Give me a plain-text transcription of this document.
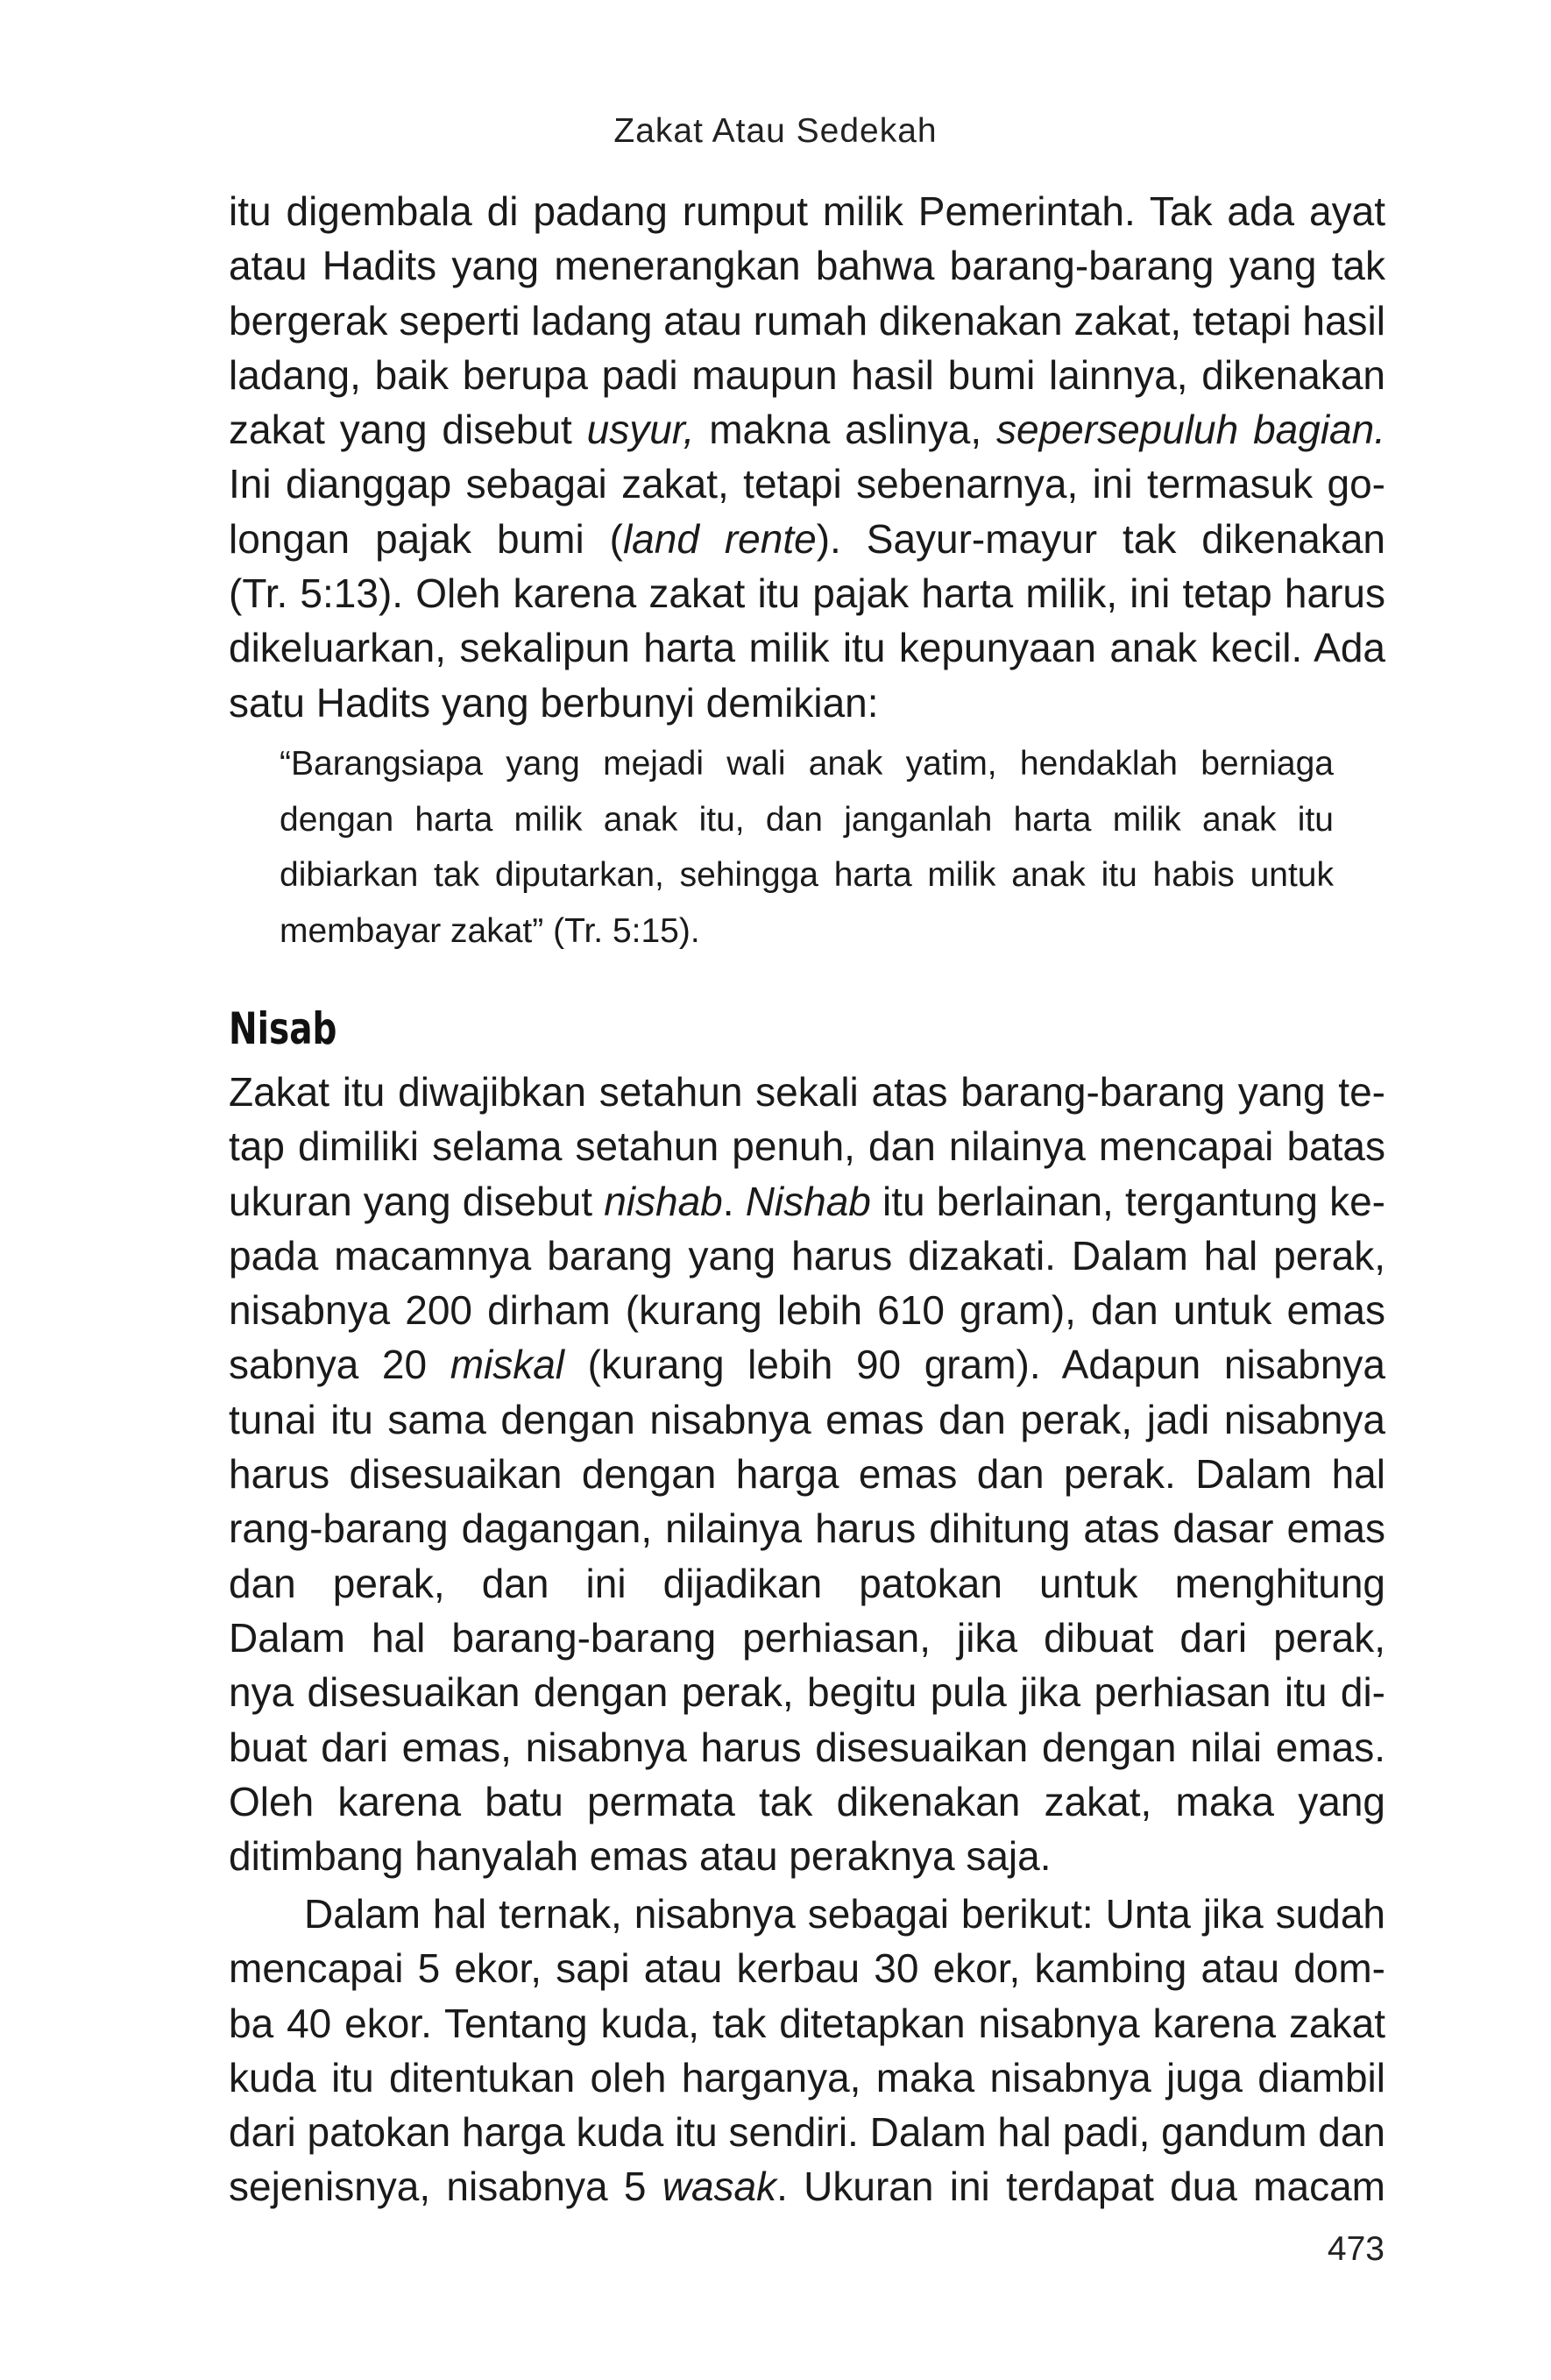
Zakat Atau Sedekah
itu digembala di padang rumput milik Pemerintah. Tak ada ayat
atau Hadits yang menerangkan bahwa barang-barang yang tak
bergerak seperti ladang atau rumah dikenakan zakat, tetapi hasil
ladang, baik berupa padi maupun hasil bumi lainnya, dikenakan
zakat yang disebut usyur, makna aslinya, sepersepuluh bagian.
Ini dianggap sebagai zakat, tetapi sebenarnya, ini termasuk go-
longan pajak bumi (land rente). Sayur-mayur tak dikenakan
(Tr. 5:13). Oleh karena zakat itu pajak harta milik, ini tetap harus
dikeluarkan, sekalipun harta milik itu kepunyaan anak kecil. Ada
satu Hadits yang berbunyi demikian:
“Barangsiapa yang mejadi wali anak yatim, hendaklah berniaga
dengan harta milik anak itu, dan janganlah harta milik anak itu
dibiarkan tak diputarkan, sehingga harta milik anak itu habis untuk
membayar zakat” (Tr. 5:15).
Nisab
Zakat itu diwajibkan setahun sekali atas barang-barang yang te-
tap dimiliki selama setahun penuh, dan nilainya mencapai batas
ukuran yang disebut nishab. Nishab itu berlainan, tergantung ke-
pada macamnya barang yang harus dizakati. Dalam hal perak,
nisabnya 200 dirham (kurang lebih 610 gram), dan untuk emas
sabnya 20 miskal (kurang lebih 90 gram). Adapun nisabnya
tunai itu sama dengan nisabnya emas dan perak, jadi nisabnya
harus disesuaikan dengan harga emas dan perak. Dalam hal
rang-barang dagangan, nilainya harus dihitung atas dasar emas
dan perak, dan ini dijadikan patokan untuk menghitung
Dalam hal barang-barang perhiasan, jika dibuat dari perak,
nya disesuaikan dengan perak, begitu pula jika perhiasan itu di-
buat dari emas, nisabnya harus disesuaikan dengan nilai emas.
Oleh karena batu permata tak dikenakan zakat, maka yang
ditimbang hanyalah emas atau peraknya saja.
Dalam hal ternak, nisabnya sebagai berikut: Unta jika sudah
mencapai 5 ekor, sapi atau kerbau 30 ekor, kambing atau dom-
ba 40 ekor. Tentang kuda, tak ditetapkan nisabnya karena zakat
kuda itu ditentukan oleh harganya, maka nisabnya juga diambil
dari patokan harga kuda itu sendiri. Dalam hal padi, gandum dan
sejenisnya, nisabnya 5 wasak. Ukuran ini terdapat dua macam
473
